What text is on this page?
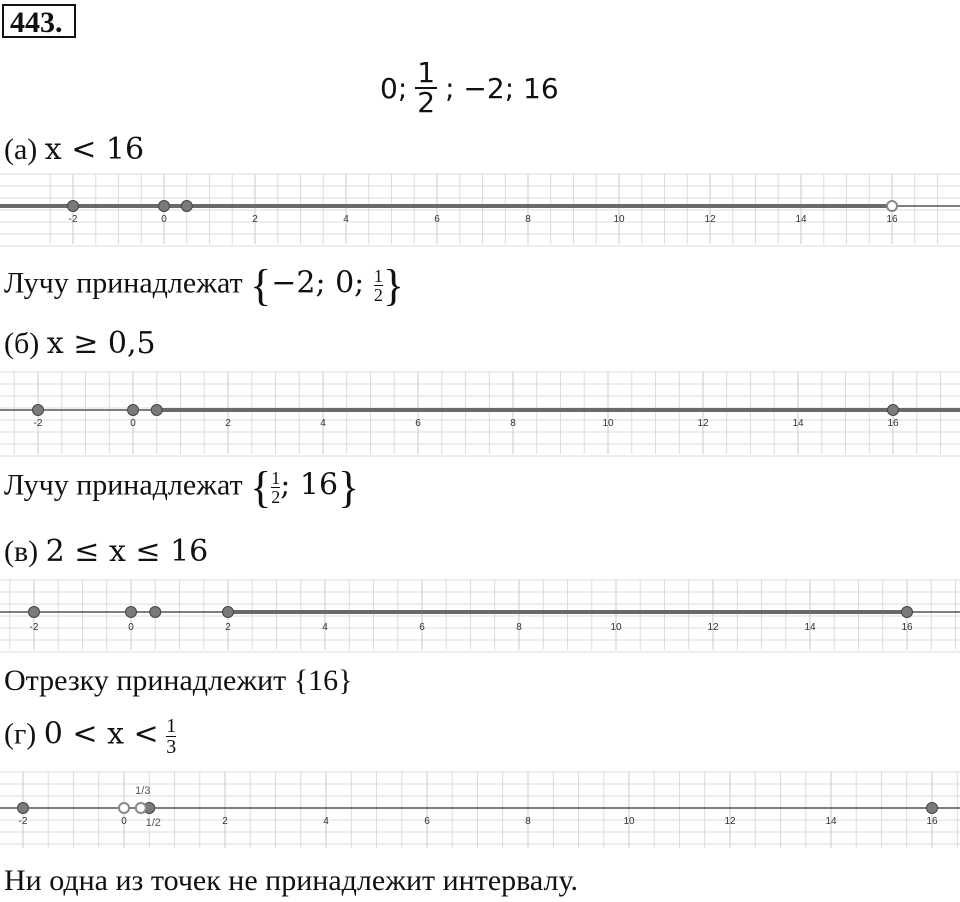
443.
0; $\frac{1}{2}$ ; −2; 16
(а) x < 16
-2	0	2	4	6	8	10	12	14	16
Лучу принадлежат {−2; 0; $\frac{1}{2}$ }
(б) x ≥ 0,5
-2	0	2	4	6	8	10	12	14	16
Лучу принадлежат { $\frac{1}{2}$ ; 16}
(в) 2 ≤ x ≤ 16
-2	0	2	4	6	8	10	12	14	16
Отрезку принадлежит {16}
(г) $0 < x < \frac{1}{3}$
-2	0	2	4	6	8	10	12	14	16
1/3
1/2
Ни одна из точек не принадлежит интервалу.
